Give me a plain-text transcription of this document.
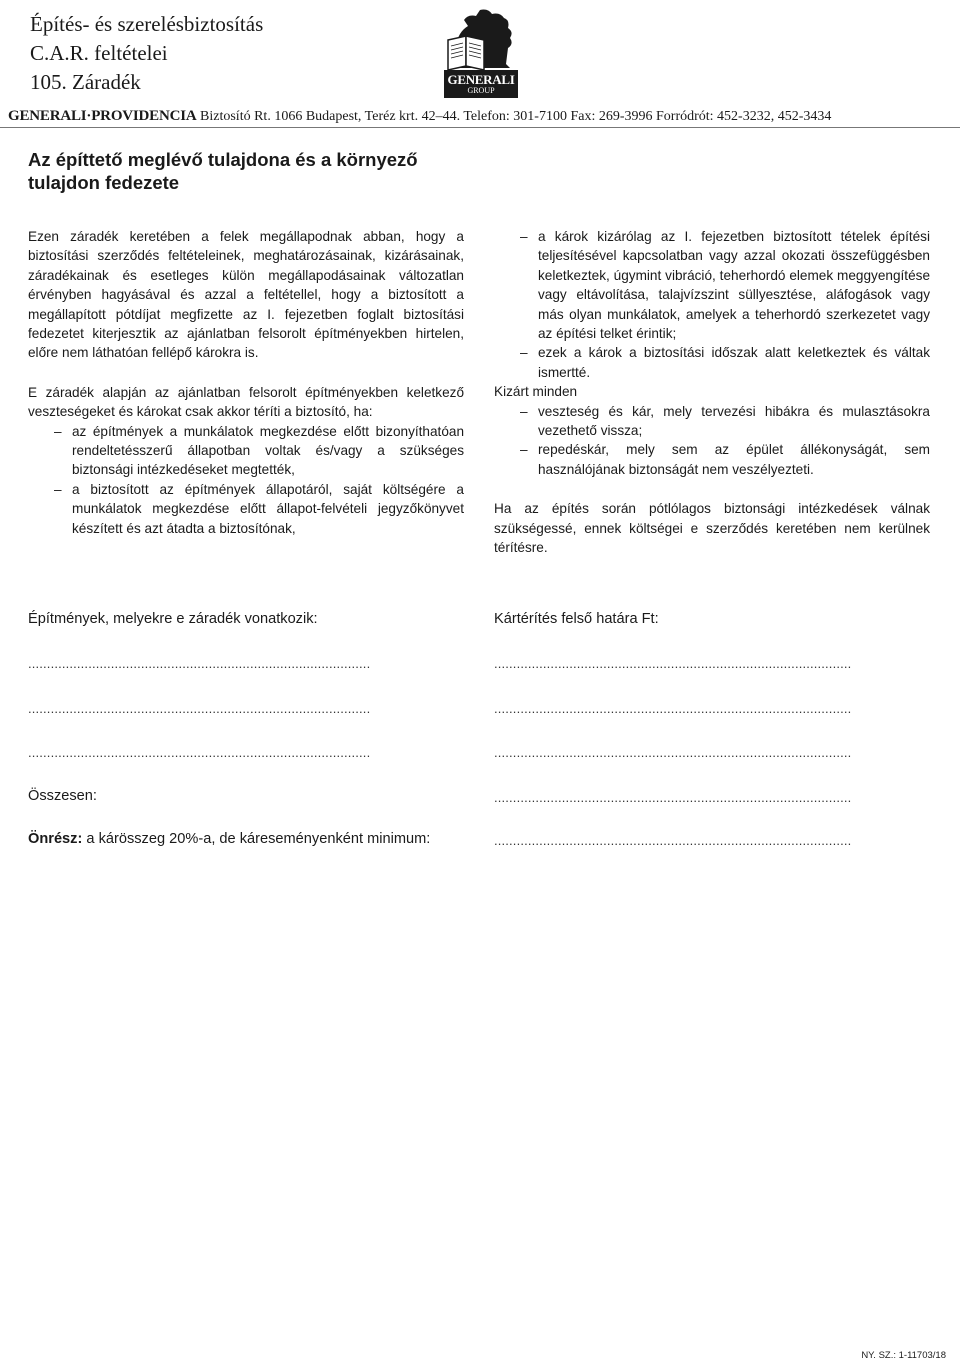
Építés- és szerelésbiztosítás
C.A.R. feltételei
105. Záradék	GENERALI
GROUP
GENERALI·PROVIDENCIA Biztosító Rt. 1066 Budapest, Teréz krt. 42–44. Telefon: 301-7100 Fax: 269-3996 Forródrót: 452-3232, 452-3434
Az építtető meglévő tulajdona és a környező
tulajdon fedezete

Ezen záradék keretében a felek megállapodnak abban, hogy a biztosítási szerződés feltételeinek, meghatározásainak, kizárásainak, záradékainak és esetleges külön megállapodásainak változatlan érvényben hagyásával és azzal a feltétellel, hogy a biztosított a megállapított pótdíjat megfizette az I. fejezetben foglalt biztosítási fedezetet kiterjesztik az ajánlatban felsorolt építményekben hirtelen, előre nem láthatóan fellépő károkra is.

E záradék alapján az ajánlatban felsorolt építményekben keletkező veszteségeket és károkat csak akkor téríti a biztosító, ha:

– az építmények a munkálatok megkezdése előtt bizonyíthatóan rendeltetésszerű állapotban voltak és/vagy a szükséges biztonsági intézkedéseket megtették,
– a biztosított az építmények állapotáról, saját költségére a munkálatok megkezdése előtt állapot-felvételi jegyzőkönyvet készített és azt átadta a biztosítónak,
– a károk kizárólag az I. fejezetben biztosított tételek építési teljesítésével kapcsolatban vagy azzal okozati összefüggésben keletkeztek, úgymint vibráció, teherhordó elemek meggyengítése vagy eltávolítása, talajvízszint süllyesztése, aláfogások vagy más olyan munkálatok, amelyek a teherhordó szerkezetet vagy az építési telket érintik;
– ezek a károk a biztosítási időszak alatt keletkeztek és váltak ismertté.

Kizárt minden

– veszteség és kár, mely tervezési hibákra és mulasztásokra vezethető vissza;
– repedéskár, mely sem az épület állékonyságát, sem használójának biztonságát nem veszélyezteti.

Ha az építés során pótlólagos biztonsági intézkedések válnak szükségessé, ennek költségei e szerződés keretében nem kerülnek térítésre.

Építmények, melyekre e záradék vonatkozik:	Kártérítés felső határa Ft:
...........................................................................................	...............................................................................................
...........................................................................................	...............................................................................................
...........................................................................................	...............................................................................................
Összesen:	...............................................................................................
Önrész: a kárösszeg 20%-a, de káreseményenként minimum:	...............................................................................................
NY. SZ.: 1-11703/18
